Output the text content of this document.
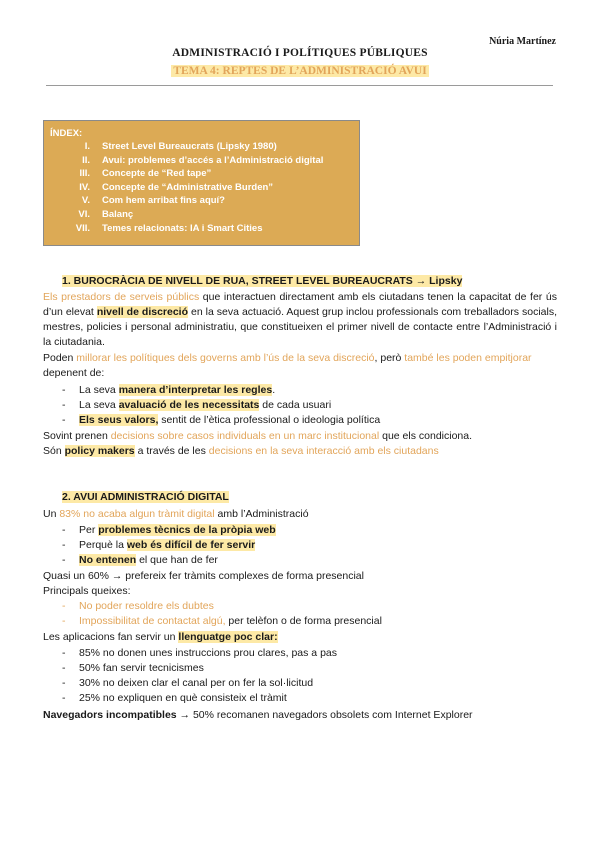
Núria Martínez
ADMINISTRACIÓ I POLÍTIQUES PÚBLIQUES
TEMA 4: REPTES DE L’ADMINISTRACIÓ AVUI
ÍNDEX:
I.	Street Level Bureaucrats (Lipsky 1980)
II.	Avui: problemes d’accés a l’Administració digital
III.	Concepte de “Red tape”
IV.	Concepte de “Administrative Burden”
V.	Com hem arribat fins aquí?
VI.	Balanç
VII.	Temes relacionats: IA i Smart Cities
1. BUROCRÀCIA DE NIVELL DE RUA, STREET LEVEL BUREAUCRATS → Lipsky
Els prestadors de serveis públics que interactuen directament amb els ciutadans tenen la capacitat de fer ús d’un elevat nivell de discreció en la seva actuació. Aquest grup inclou professionals com treballadors socials, mestres, policies i personal administratiu, que constitueixen el primer nivell de contacte entre l’Administració i la ciutadania.
Poden millorar les polítiques dels governs amb l’ús de la seva discreció, però també les poden empitjorar depenent de:
-	La seva manera d’interpretar les regles.
-	La seva avaluació de les necessitats de cada usuari
-	Els seus valors, sentit de l’ètica professional o ideologia política
Sovint prenen decisions sobre casos individuals en un marc institucional que els condiciona.
Són policy makers a través de les decisions en la seva interacció amb els ciutadans
2. AVUI ADMINISTRACIÓ DIGITAL
Un 83% no acaba algun tràmit digital amb l’Administració
-	Per problemes tècnics de la pròpia web
-	Perquè la web és difícil de fer servir
-	No entenen el que han de fer
Quasi un 60% → prefereix fer tràmits complexes de forma presencial
Principals queixes:
-	No poder resoldre els dubtes
-	Impossibilitat de contactat algú, per telèfon o de forma presencial
Les aplicacions fan servir un llenguatge poc clar:
-	85% no donen unes instruccions prou clares, pas a pas
-	50% fan servir tecnicismes
-	30% no deixen clar el canal per on fer la sol·licitud
-	25% no expliquen en què consisteix el tràmit
Navegadors incompatibles → 50% recomanen navegadors obsolets com Internet Explorer
